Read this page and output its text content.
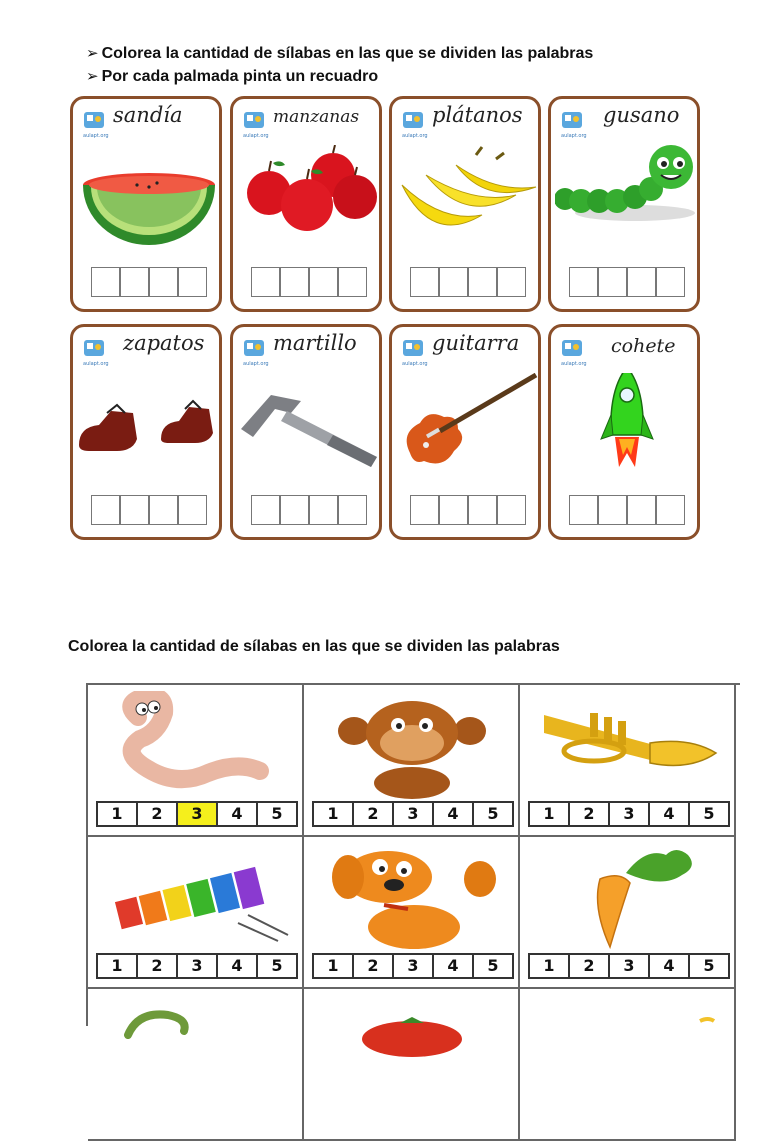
➢ Colorea la cantidad de sílabas en las que se dividen las palabras
➢ Por cada palmada pinta un recuadro
aulapt.org
sandía
aulapt.org
manzanas
aulapt.org
plátanos
aulapt.org
gusano
aulapt.org
zapatos
aulapt.org
martillo
aulapt.org
guitarra
aulapt.org
cohete
Colorea la cantidad de sílabas en las que se dividen las palabras
1	2	3	4	5	1	2	3	4	5	1	2	3	4	5
1	2	3	4	5	1	2	3	4	5	1	2	3	4	5
